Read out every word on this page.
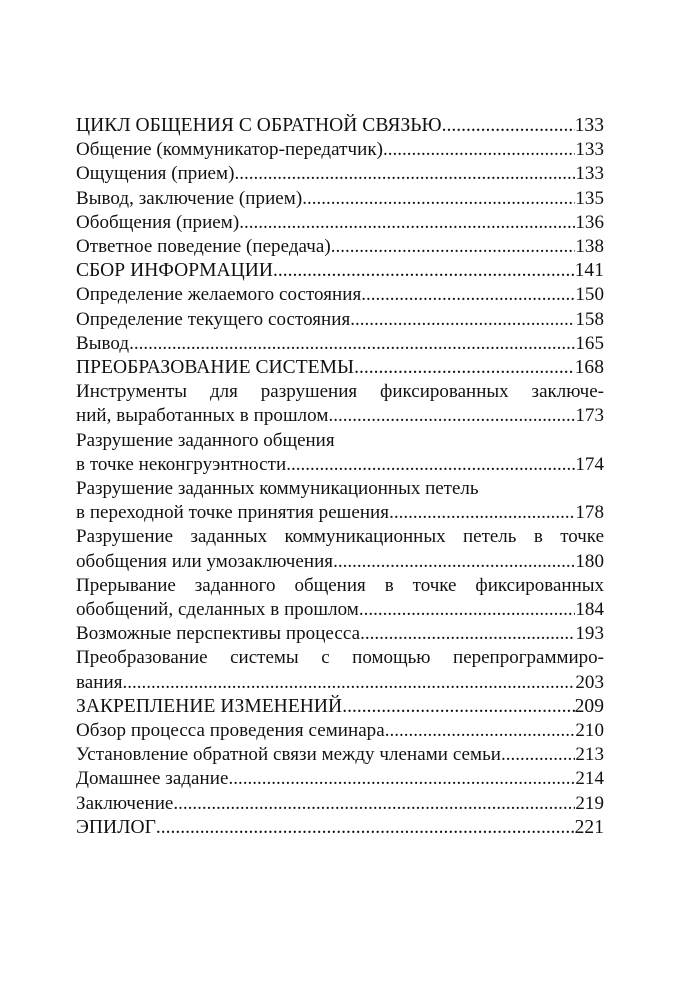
ЦИКЛ ОБЩЕНИЯ С ОБРАТНОЙ СВЯЗЬЮ .....	133
Общение (коммуникатор-передатчик) .....	133
Ощущения (прием) .....	133
Вывод, заключение (прием) .....	135
Обобщения (прием) .....	136
Ответное поведение (передача) .....	138
СБОР ИНФОРМАЦИИ .....	141
Определение желаемого состояния .....	150
Определение текущего состояния .....	158
Вывод .....	165
ПРЕОБРАЗОВАНИЕ СИСТЕМЫ .....	168
Инструменты для разрушения фиксированных заключе-
ний, выработанных в прошлом .....	173
Разрушение заданного общения
в точке неконгруэнтности .....	174
Разрушение заданных коммуникационных петель
в переходной точке принятия решения .....	178
Разрушение заданных коммуникационных петель в точке
обобщения или умозаключения .....	180
Прерывание заданного общения в точке фиксированных
обобщений, сделанных в прошлом .....	184
Возможные перспективы процесса .....	193
Преобразование системы с помощью перепрограммиро-
вания .....	203
ЗАКРЕПЛЕНИЕ ИЗМЕНЕНИЙ .....	209
Обзор процесса проведения семинара .....	210
Установление обратной связи между членами семьи .....	213
Домашнее задание .....	214
Заключение .....	219
ЭПИЛОГ .....	221
